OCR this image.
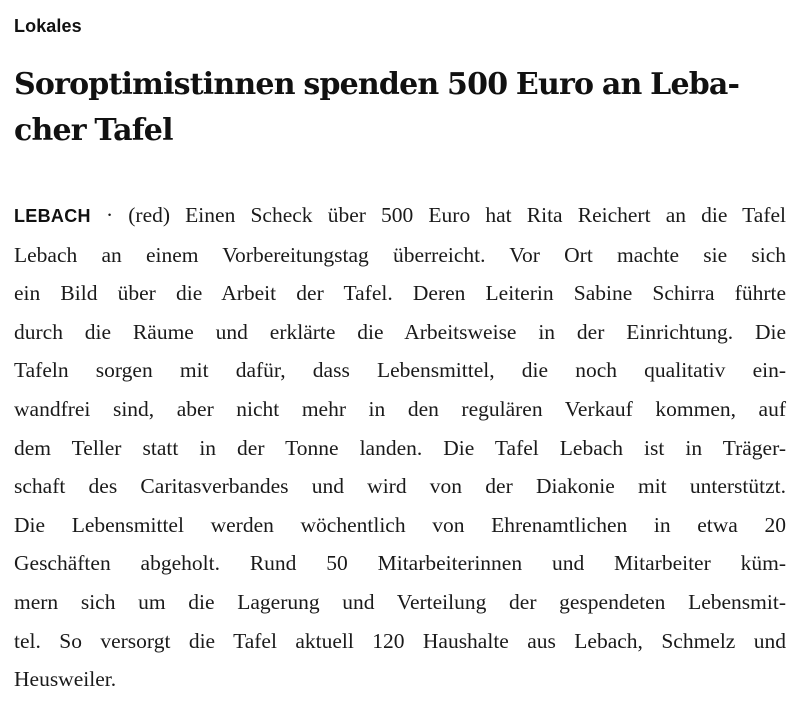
Lokales
Soroptimistinnen spenden 500 Euro an Leba-
cher Tafel
LEBACH · (red) Einen Scheck über 500 Euro hat Rita Reichert an die Tafel
Lebach an einem Vorbereitungstag überreicht. Vor Ort machte sie sich
ein Bild über die Arbeit der Tafel. Deren Leiterin Sabine Schirra führte
durch die Räume und erklärte die Arbeitsweise in der Einrichtung. Die
Tafeln sorgen mit dafür, dass Lebensmittel, die noch qualitativ ein-
wandfrei sind, aber nicht mehr in den regulären Verkauf kommen, auf
dem Teller statt in der Tonne landen. Die Tafel Lebach ist in Träger-
schaft des Caritasverbandes und wird von der Diakonie mit unterstützt.
Die Lebensmittel werden wöchentlich von Ehrenamtlichen in etwa 20
Geschäften abgeholt. Rund 50 Mitarbeiterinnen und Mitarbeiter küm-
mern sich um die Lagerung und Verteilung der gespendeten Lebensmit-
tel. So versorgt die Tafel aktuell 120 Haushalte aus Lebach, Schmelz und
Heusweiler.
